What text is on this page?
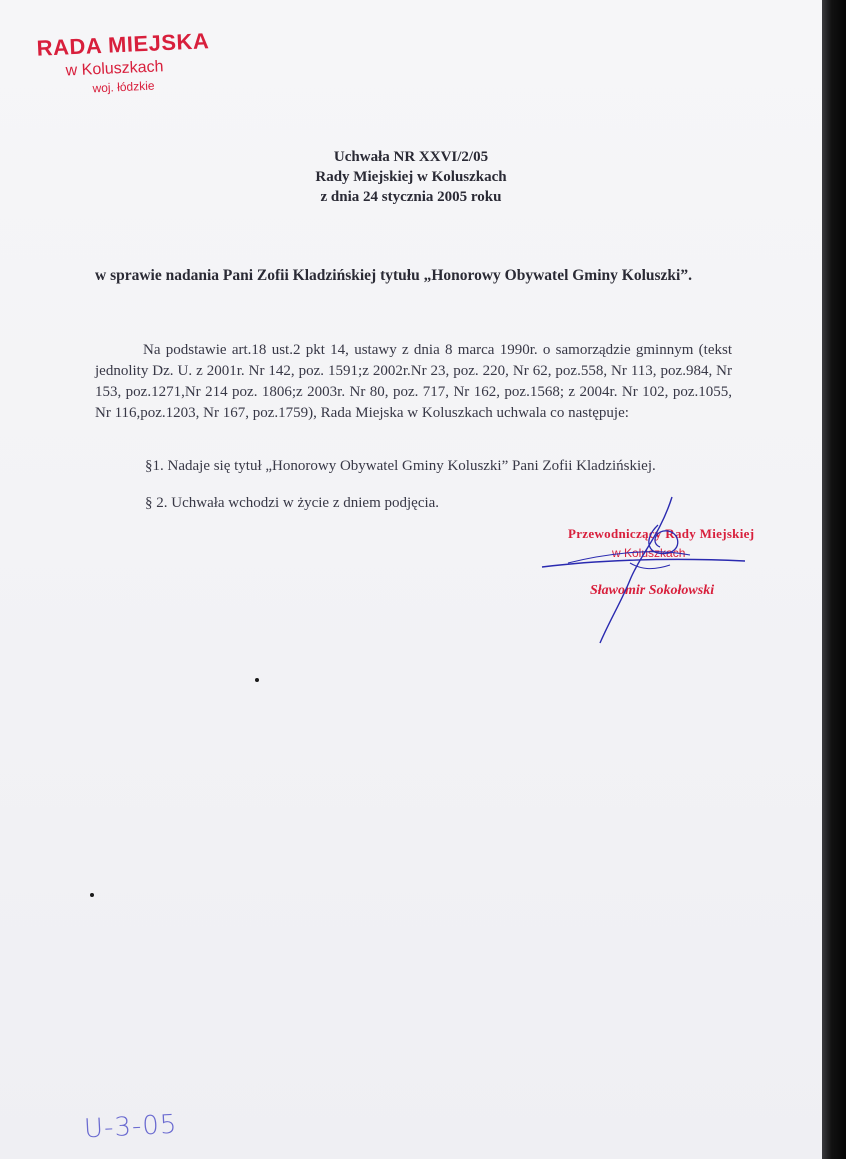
RADA MIEJSKA
w Koluszkach
woj. łódzkie
Uchwała NR XXVI/2/05
Rady Miejskiej w Koluszkach
z dnia 24 stycznia 2005 roku
w sprawie nadania Pani Zofii Kladzińskiej tytułu „Honorowy Obywatel Gminy Koluszki”.
Na podstawie art.18 ust.2 pkt 14, ustawy z dnia 8 marca 1990r. o samorządzie gminnym (tekst jednolity Dz. U. z 2001r. Nr 142, poz. 1591;z 2002r.Nr 23, poz. 220, Nr 62, poz.558, Nr 113, poz.984, Nr 153, poz.1271,Nr 214 poz. 1806;z 2003r. Nr 80, poz. 717, Nr 162, poz.1568; z 2004r. Nr 102, poz.1055, Nr 116,poz.1203, Nr 167, poz.1759), Rada Miejska w Koluszkach uchwala co następuje:
§1. Nadaje się tytuł „Honorowy Obywatel Gminy Koluszki” Pani Zofii Kladzińskiej.
§ 2. Uchwała wchodzi w życie z dniem podjęcia.
Przewodniczący Rady Miejskiej
w Koluszkach
Sławomir Sokołowski
U-3-05
